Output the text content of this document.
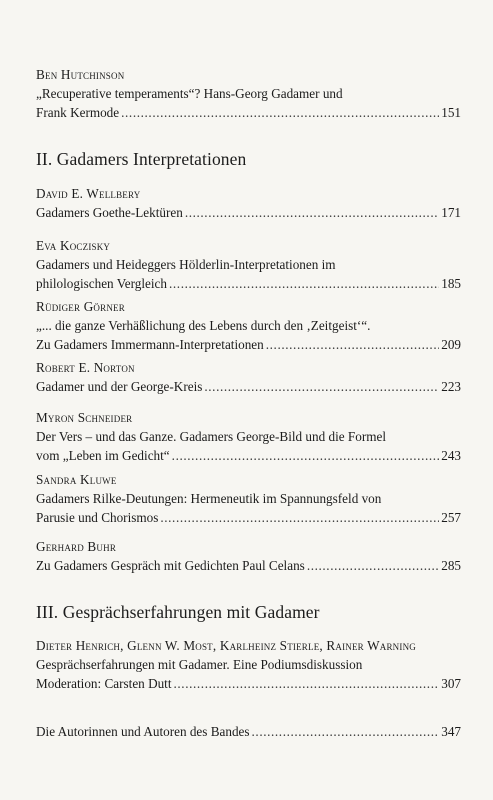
Ben Hutchinson
„Recuperative temperaments“? Hans-Georg Gadamer und
Frank Kermode .....	151
II. Gadamers Interpretationen
David E. Wellbery
Gadamers Goethe-Lektüren .....	171
Eva Koczisky
Gadamers und Heideggers Hölderlin-Interpretationen im
philologischen Vergleich .....	185
Rüdiger Görner
„... die ganze Verhäßlichung des Lebens durch den ‚Zeitgeist‘“.
Zu Gadamers Immermann-Interpretationen .....	209
Robert E. Norton
Gadamer und der George-Kreis .....	223
Myron Schneider
Der Vers – und das Ganze. Gadamers George-Bild und die Formel
vom „Leben im Gedicht“ .....	243
Sandra Kluwe
Gadamers Rilke-Deutungen: Hermeneutik im Spannungsfeld von
Parusie und Chorismos .....	257
Gerhard Buhr
Zu Gadamers Gespräch mit Gedichten Paul Celans .....	285
III. Gesprächserfahrungen mit Gadamer
Dieter Henrich, Glenn W. Most, Karlheinz Stierle, Rainer Warning
Gesprächserfahrungen mit Gadamer. Eine Podiumsdiskussion
Moderation: Carsten Dutt .....	307
Die Autorinnen und Autoren des Bandes .....	347
